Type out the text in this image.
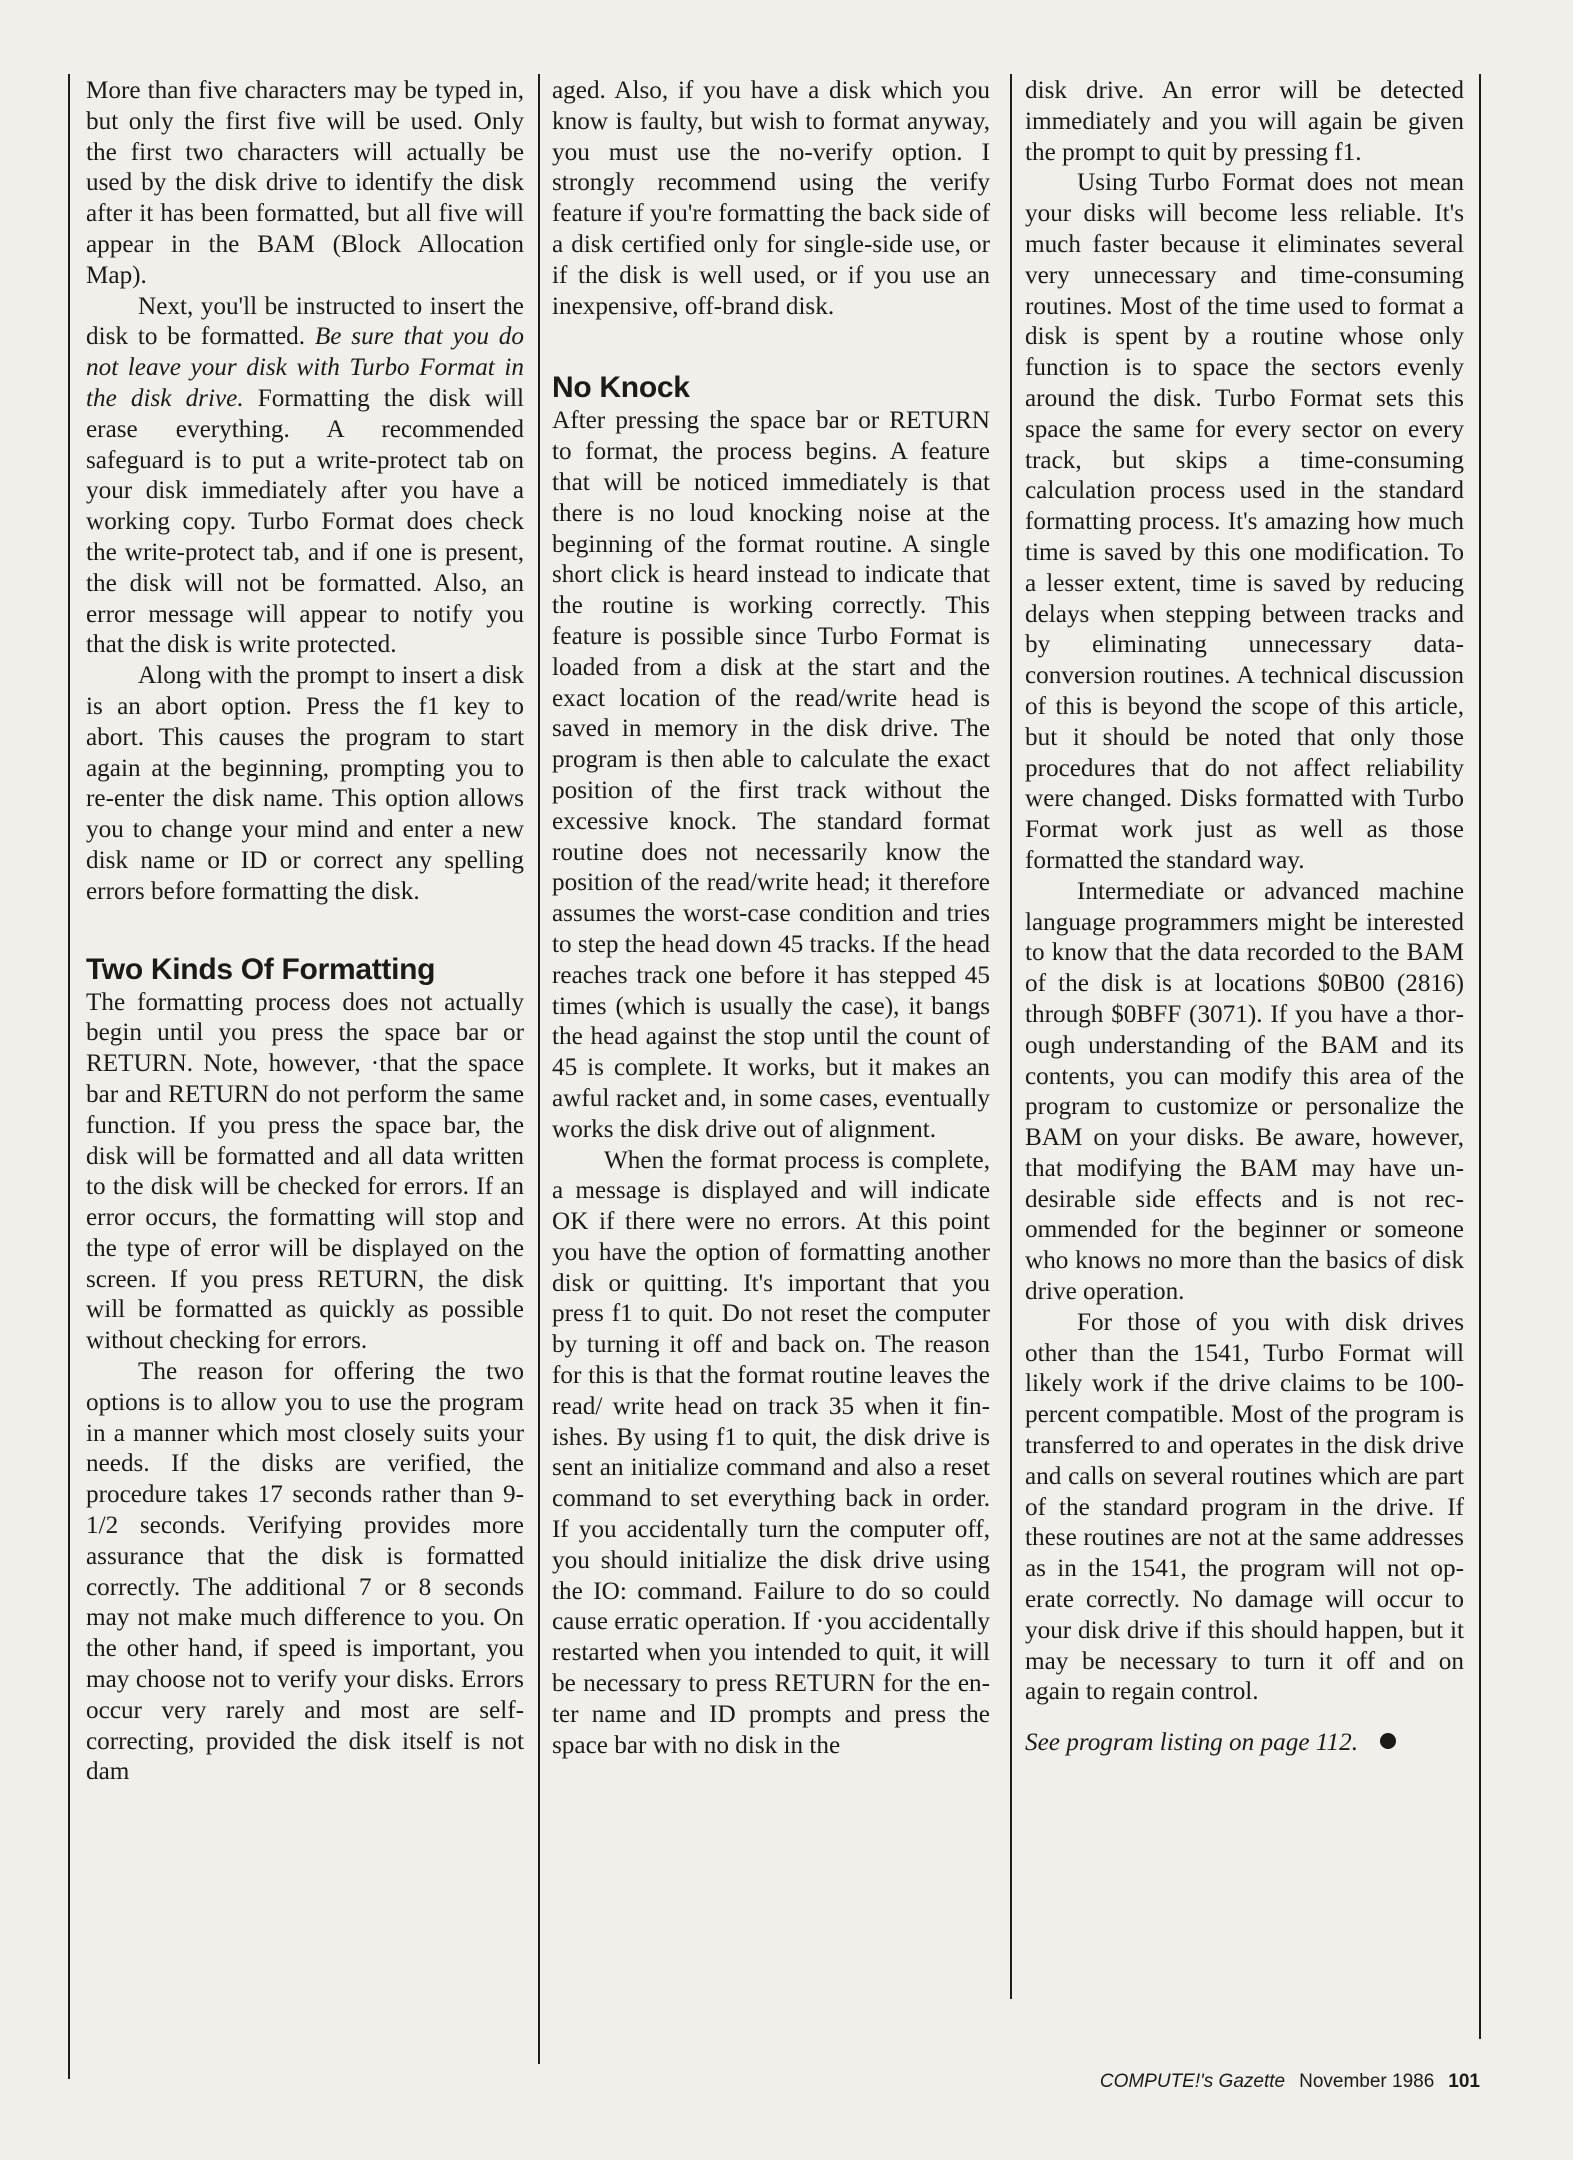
More than five characters may be typed in, but only the first five will be used. Only the first two characters will actually be used by the disk drive to identify the disk after it has been formatted, but all five will appear in the BAM (Block Allocation Map).

Next, you'll be instructed to insert the disk to be formatted. Be sure that you do not leave your disk with Turbo Format in the disk drive. Formatting the disk will erase everything. A recommended safeguard is to put a write-protect tab on your disk immediately after you have a working copy. Turbo Format does check the write-protect tab, and if one is present, the disk will not be formatted. Also, an error message will appear to notify you that the disk is write protected.

Along with the prompt to insert a disk is an abort option. Press the f1 key to abort. This causes the program to start again at the beginning, prompting you to re-enter the disk name. This option allows you to change your mind and enter a new disk name or ID or correct any spelling errors before formatting the disk.

Two Kinds Of Formatting

The formatting process does not actually begin until you press the space bar or RETURN. Note, however, ·that the space bar and RETURN do not perform the same function. If you press the space bar, the disk will be formatted and all data written to the disk will be checked for errors. If an error occurs, the formatting will stop and the type of error will be displayed on the screen. If you press RETURN, the disk will be formatted as quickly as possible without checking for errors.

The reason for offering the two options is to allow you to use the program in a manner which most closely suits your needs. If the disks are verified, the procedure takes 17 seconds rather than 9-1/2 seconds. Verifying provides more assurance that the disk is formatted correctly. The additional 7 or 8 seconds may not make much difference to you. On the other hand, if speed is important, you may choose not to verify your disks. Errors occur very rarely and most are self-correcting, provided the disk itself is not dam

aged. Also, if you have a disk which you know is faulty, but wish to format anyway, you must use the no-verify option. I strongly recommend using the verify feature if you're formatting the back side of a disk certified only for single-side use, or if the disk is well used, or if you use an inexpensive, off-brand disk.

No Knock

After pressing the space bar or RETURN to format, the process begins. A feature that will be noticed immediately is that there is no loud knocking noise at the beginning of the format routine. A single short click is heard instead to indicate that the routine is working correctly. This feature is possible since Turbo Format is loaded from a disk at the start and the exact location of the read/write head is saved in memory in the disk drive. The program is then able to calculate the exact position of the first track without the excessive knock. The standard format routine does not necessarily know the position of the read/write head; it therefore assumes the worst-case condition and tries to step the head down 45 tracks. If the head reaches track one before it has stepped 45 times (which is usually the case), it bangs the head against the stop until the count of 45 is complete. It works, but it makes an awful racket and, in some cases, eventually works the disk drive out of alignment.

When the format process is complete, a message is displayed and will indicate OK if there were no errors. At this point you have the option of formatting another disk or quitting. It's important that you press f1 to quit. Do not reset the computer by turning it off and back on. The reason for this is that the format routine leaves the read/ write head on track 35 when it finishes. By using f1 to quit, the disk drive is sent an initialize command and also a reset command to set everything back in order. If you accidentally turn the computer off, you should initialize the disk drive using the IO: command. Failure to do so could cause erratic operation. If ·you accidentally restarted when you intended to quit, it will be necessary to press RETURN for the enter name and ID prompts and press the space bar with no disk in the

disk drive. An error will be detected immediately and you will again be given the prompt to quit by pressing f1.

Using Turbo Format does not mean your disks will become less reliable. It's much faster because it eliminates several very unnecessary and time-consuming routines. Most of the time used to format a disk is spent by a routine whose only function is to space the sectors evenly around the disk. Turbo Format sets this space the same for every sector on every track, but skips a time-consuming calculation process used in the standard formatting process. It's amazing how much time is saved by this one modification. To a lesser extent, time is saved by reducing delays when stepping between tracks and by eliminating unnecessary data-conversion routines. A technical discussion of this is beyond the scope of this article, but it should be noted that only those procedures that do not affect reliability were changed. Disks formatted with Turbo Format work just as well as those formatted the standard way.

Intermediate or advanced machine language programmers might be interested to know that the data recorded to the BAM of the disk is at locations $0B00 (2816) through $0BFF (3071). If you have a thorough understanding of the BAM and its contents, you can modify this area of the program to customize or personalize the BAM on your disks. Be aware, however, that modifying the BAM may have undesirable side effects and is not recommended for the beginner or someone who knows no more than the basics of disk drive operation.

For those of you with disk drives other than the 1541, Turbo Format will likely work if the drive claims to be 100-percent compatible. Most of the program is transferred to and operates in the disk drive and calls on several routines which are part of the standard program in the drive. If these routines are not at the same addresses as in the 1541, the program will not operate correctly. No damage will occur to your disk drive if this should happen, but it may be necessary to turn it off and on again to regain control.

See program listing on page 112.

COMPUTE!'s Gazette November 1986 101
